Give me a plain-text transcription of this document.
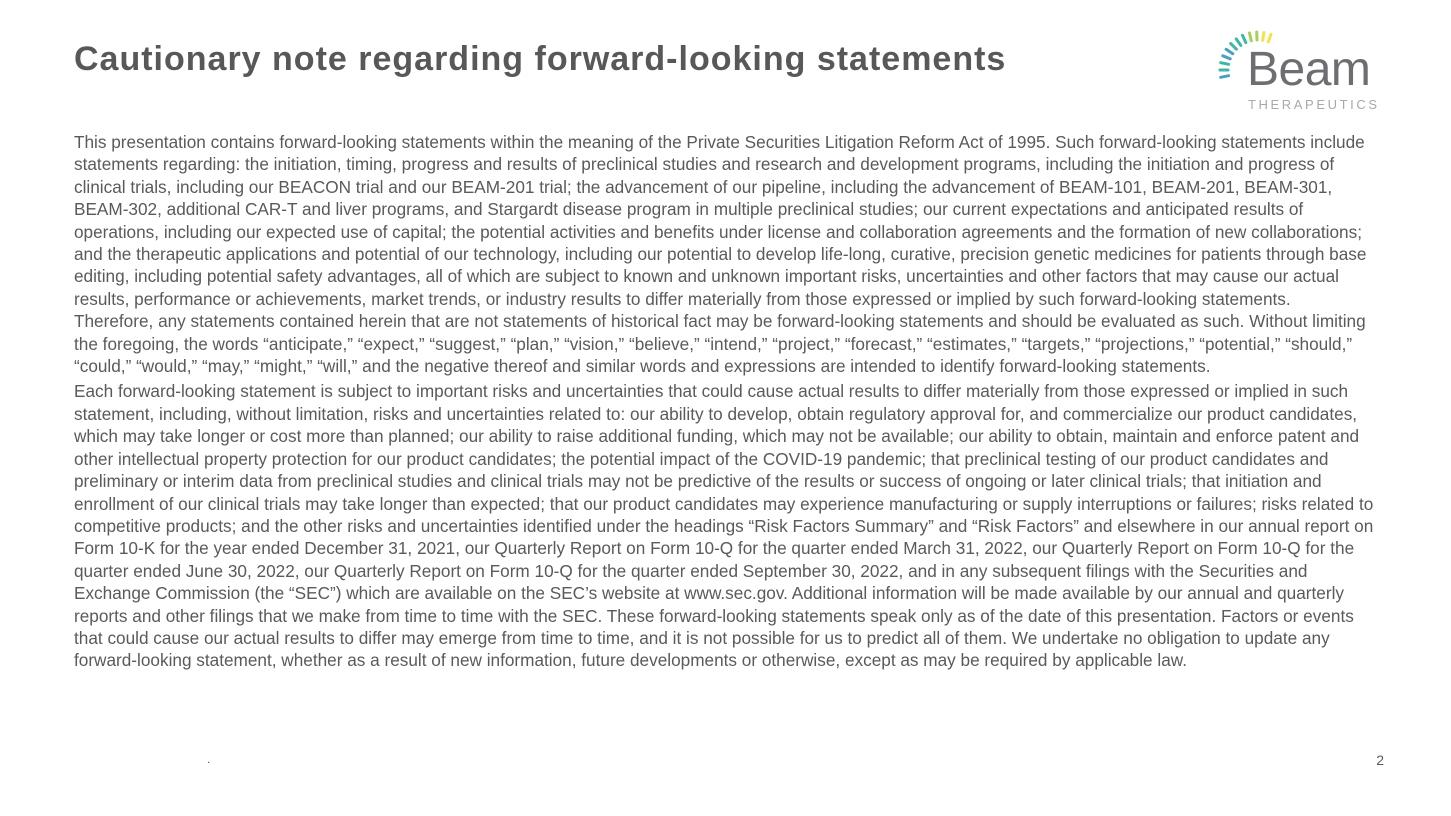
Cautionary note regarding forward-looking statements	Beam
THERAPEUTICS

This presentation contains forward-looking statements within the meaning of the Private Securities Litigation Reform Act of 1995. Such forward-looking statements include statements regarding: the initiation, timing, progress and results of preclinical studies and research and development programs, including the initiation and progress of clinical trials, including our BEACON trial and our BEAM-201 trial; the advancement of our pipeline, including the advancement of BEAM-101, BEAM-201, BEAM-301, BEAM-302, additional CAR-T and liver programs, and Stargardt disease program in multiple preclinical studies; our current expectations and anticipated results of operations, including our expected use of capital; the potential activities and benefits under license and collaboration agreements and the formation of new collaborations; and the therapeutic applications and potential of our technology, including our potential to develop life-long, curative, precision genetic medicines for patients through base editing, including potential safety advantages, all of which are subject to known and unknown important risks, uncertainties and other factors that may cause our actual results, performance or achievements, market trends, or industry results to differ materially from those expressed or implied by such forward-looking statements. Therefore, any statements contained herein that are not statements of historical fact may be forward-looking statements and should be evaluated as such. Without limiting the foregoing, the words “anticipate,” “expect,” “suggest,” “plan,” “vision,” “believe,” “intend,” “project,” “forecast,” “estimates,” “targets,” “projections,” “potential,” “should,” “could,” “would,” “may,” “might,” “will,” and the negative thereof and similar words and expressions are intended to identify forward-looking statements.

Each forward-looking statement is subject to important risks and uncertainties that could cause actual results to differ materially from those expressed or implied in such statement, including, without limitation, risks and uncertainties related to: our ability to develop, obtain regulatory approval for, and commercialize our product candidates, which may take longer or cost more than planned; our ability to raise additional funding, which may not be available; our ability to obtain, maintain and enforce patent and other intellectual property protection for our product candidates; the potential impact of the COVID-19 pandemic; that preclinical testing of our product candidates and preliminary or interim data from preclinical studies and clinical trials may not be predictive of the results or success of ongoing or later clinical trials; that initiation and enrollment of our clinical trials may take longer than expected; that our product candidates may experience manufacturing or supply interruptions or failures; risks related to competitive products; and the other risks and uncertainties identified under the headings “Risk Factors Summary” and “Risk Factors” and elsewhere in our annual report on Form 10-K for the year ended December 31, 2021, our Quarterly Report on Form 10-Q for the quarter ended March 31, 2022, our Quarterly Report on Form 10-Q for the quarter ended June 30, 2022, our Quarterly Report on Form 10-Q for the quarter ended September 30, 2022, and in any subsequent filings with the Securities and Exchange Commission (the “SEC”) which are available on the SEC’s website at www.sec.gov. Additional information will be made available by our annual and quarterly reports and other filings that we make from time to time with the SEC. These forward-looking statements speak only as of the date of this presentation. Factors or events that could cause our actual results to differ may emerge from time to time, and it is not possible for us to predict all of them. We undertake no obligation to update any forward-looking statement, whether as a result of new information, future developments or otherwise, except as may be required by applicable law.

.	2
